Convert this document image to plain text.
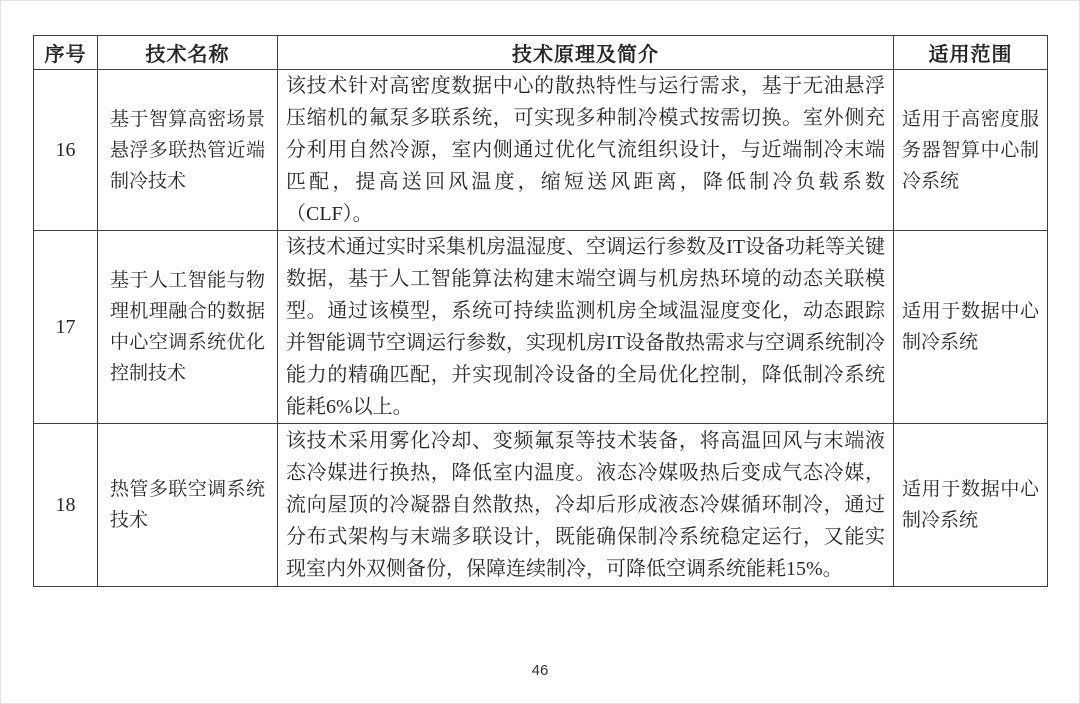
序号	技术名称	技术原理及简介	适用范围
16	基于智算高密场景悬浮多联热管近端制冷技术	该技术针对高密度数据中心的散热特性与运行需求，基于无油悬浮压缩机的氟泵多联系统，可实现多种制冷模式按需切换。室外侧充分利用自然冷源，室内侧通过优化气流组织设计，与近端制冷末端匹配，提高送回风温度，缩短送风距离，降低制冷负载系数（CLF）。	适用于高密度服务器智算中心制冷系统
17	基于人工智能与物理机理融合的数据中心空调系统优化控制技术	该技术通过实时采集机房温湿度、空调运行参数及IT设备功耗等关键数据，基于人工智能算法构建末端空调与机房热环境的动态关联模型。通过该模型，系统可持续监测机房全域温湿度变化，动态跟踪并智能调节空调运行参数，实现机房IT设备散热需求与空调系统制冷能力的精确匹配，并实现制冷设备的全局优化控制，降低制冷系统能耗6%以上。	适用于数据中心制冷系统
18	热管多联空调系统技术	该技术采用雾化冷却、变频氟泵等技术装备，将高温回风与末端液态冷媒进行换热，降低室内温度。液态冷媒吸热后变成气态冷媒，流向屋顶的冷凝器自然散热，冷却后形成液态冷媒循环制冷，通过分布式架构与末端多联设计，既能确保制冷系统稳定运行，又能实现室内外双侧备份，保障连续制冷，可降低空调系统能耗15%。	适用于数据中心制冷系统
46
